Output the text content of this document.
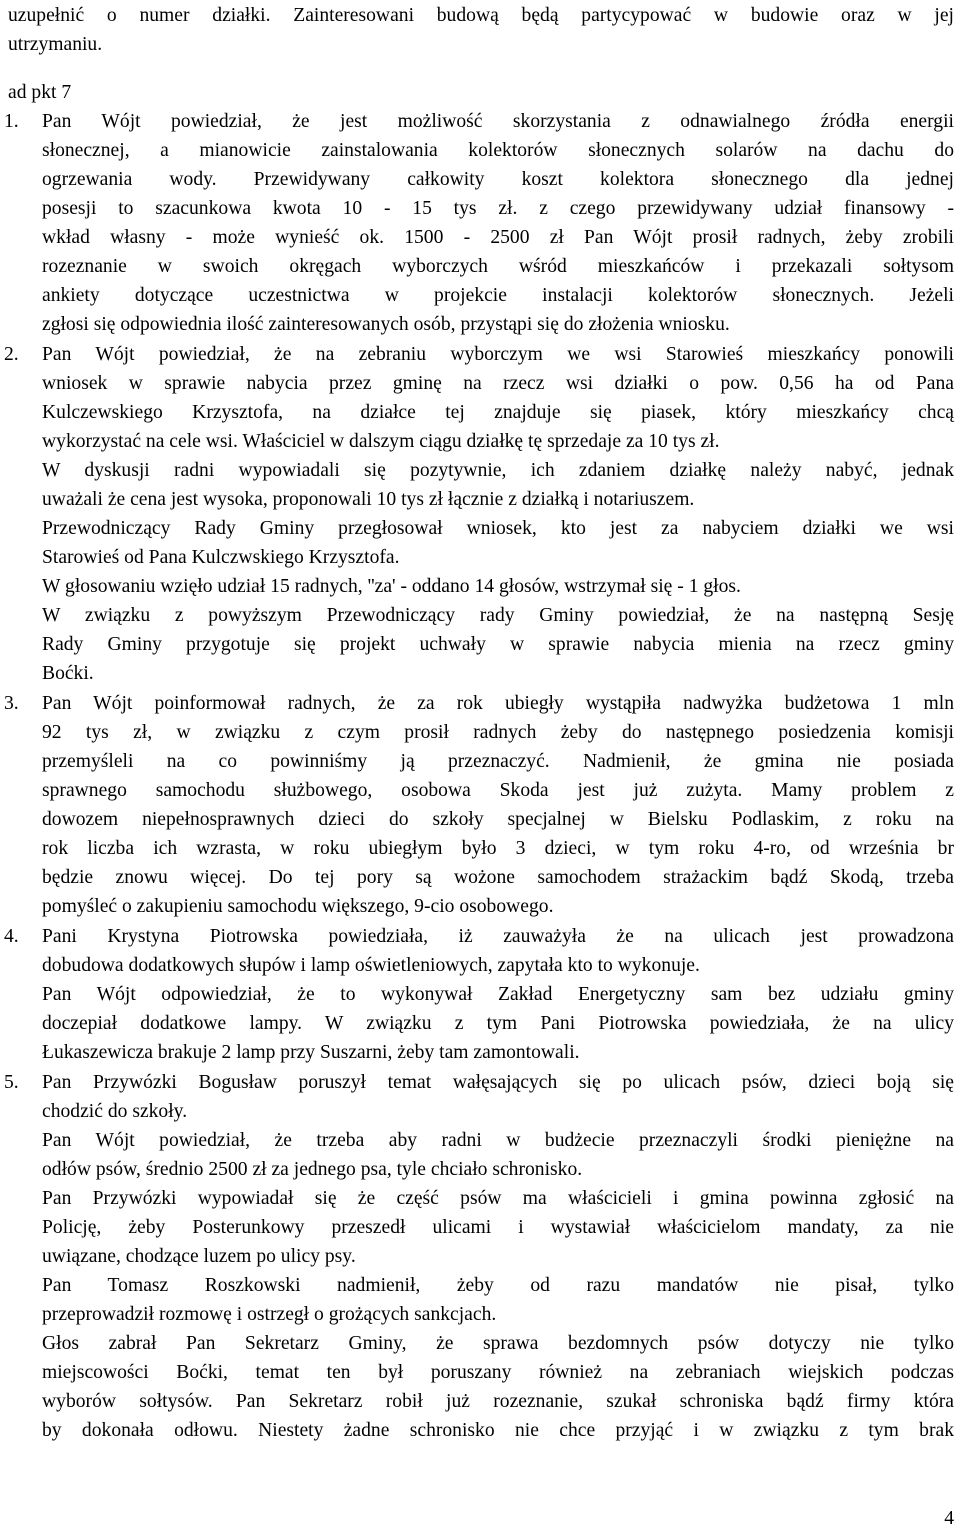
uzupełnić o numer działki. Zainteresowani budową będą partycypować w budowie oraz w jej
utrzymaniu.
ad pkt 7
1.	Pan Wójt powiedział, że jest możliwość skorzystania z odnawialnego źródła energii
słonecznej, a mianowicie zainstalowania kolektorów słonecznych solarów na dachu do
ogrzewania wody. Przewidywany całkowity koszt kolektora słonecznego dla jednej
posesji to szacunkowa kwota 10 - 15 tys zł. z czego przewidywany udział finansowy -
wkład własny - może wynieść ok. 1500 - 2500 zł Pan Wójt prosił radnych, żeby zrobili
rozeznanie w swoich okręgach wyborczych wśród mieszkańców i przekazali sołtysom
ankiety dotyczące uczestnictwa w projekcie instalacji kolektorów słonecznych. Jeżeli
zgłosi się odpowiednia ilość zainteresowanych osób, przystąpi się do złożenia wniosku.
2.	Pan Wójt powiedział, że na zebraniu wyborczym we wsi Starowieś mieszkańcy ponowili
wniosek w sprawie nabycia przez gminę na rzecz wsi działki o pow. 0,56 ha od Pana
Kulczewskiego Krzysztofa, na działce tej znajduje się piasek, który mieszkańcy chcą
wykorzystać na cele wsi. Właściciel w dalszym ciągu działkę tę sprzedaje za 10 tys zł.
W dyskusji radni wypowiadali się pozytywnie, ich zdaniem działkę należy nabyć, jednak
uważali że cena jest wysoka, proponowali 10 tys zł łącznie z działką i notariuszem.
Przewodniczący Rady Gminy przegłosował wniosek, kto jest za nabyciem działki we wsi
Starowieś od Pana Kulczwskiego Krzysztofa.
W głosowaniu wzięło udział 15 radnych, ''za' - oddano 14 głosów, wstrzymał się - 1 głos.
W związku z powyższym Przewodniczący rady Gminy powiedział, że na następną Sesję
Rady Gminy przygotuje się projekt uchwały w sprawie nabycia mienia na rzecz gminy
Boćki.
3.	Pan Wójt poinformował radnych, że za rok ubiegły wystąpiła nadwyżka budżetowa 1 mln
92 tys zł, w związku z czym prosił radnych żeby do następnego posiedzenia komisji
przemyśleli na co powinniśmy ją przeznaczyć. Nadmienił, że gmina nie posiada
sprawnego samochodu służbowego, osobowa Skoda jest już zużyta. Mamy problem z
dowozem niepełnosprawnych dzieci do szkoły specjalnej w Bielsku Podlaskim, z roku na
rok liczba ich wzrasta, w roku ubiegłym było 3 dzieci, w tym roku 4-ro, od września br
będzie znowu więcej. Do tej pory są wożone samochodem strażackim bądź Skodą, trzeba
pomyśleć o zakupieniu samochodu większego, 9-cio osobowego.
4.	Pani Krystyna Piotrowska powiedziała, iż zauważyła że na ulicach jest prowadzona
dobudowa dodatkowych słupów i lamp oświetleniowych, zapytała kto to wykonuje.
Pan Wójt odpowiedział, że to wykonywał Zakład Energetyczny sam bez udziału gminy
doczepiał dodatkowe lampy. W związku z tym Pani Piotrowska powiedziała, że na ulicy
Łukaszewicza brakuje 2 lamp przy Suszarni, żeby tam zamontowali.
5.	Pan Przywózki Bogusław poruszył temat wałęsających się po ulicach psów, dzieci boją się
chodzić do szkoły.
Pan Wójt powiedział, że trzeba aby radni w budżecie przeznaczyli środki pieniężne na
odłów psów, średnio 2500 zł za jednego psa, tyle chciało schronisko.
Pan Przywózki wypowiadał się że część psów ma właścicieli i gmina powinna zgłosić na
Policję, żeby Posterunkowy przeszedł ulicami i wystawiał właścicielom mandaty, za nie
uwiązane, chodzące luzem po ulicy psy.
Pan Tomasz Roszkowski nadmienił, żeby od razu mandatów nie pisał, tylko
przeprowadził rozmowę i ostrzegł o grożących sankcjach.
Głos zabrał Pan Sekretarz Gminy, że sprawa bezdomnych psów dotyczy nie tylko
miejscowości Boćki, temat ten był poruszany również na zebraniach wiejskich podczas
wyborów sołtysów. Pan Sekretarz robił już rozeznanie, szukał schroniska bądź firmy która
by dokonała odłowu. Niestety żadne schronisko nie chce przyjąć i w związku z tym brak
4
